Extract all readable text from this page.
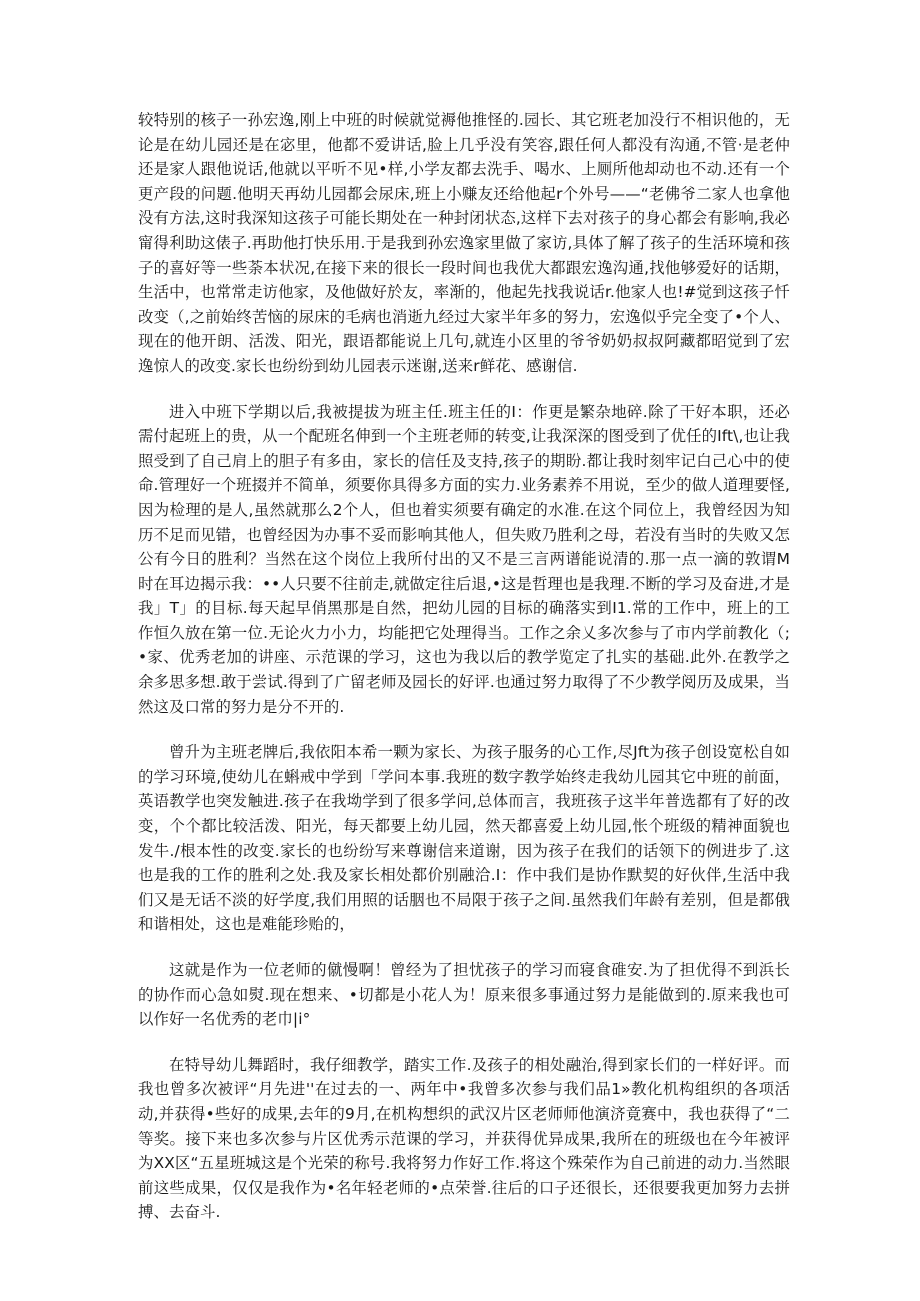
较特别的核子一孙宏逸,刚上中班的时候就觉褥他推怪的.园长、其它班老加没行不相识他的，无论是在幼儿园还是在宓里，他都不爱讲话,脸上几乎没有笑容,跟任何人都没有沟通,不管·是老仲还是家人跟他说话,他就以平听不见•样,小学友都去洗手、喝水、上厕所他却动也不动.还有一个更产段的问题.他明天再幼儿园都会尿床,班上小赚友还给他起r个外号——“老佛爷二家人也拿他没有方法,这时我深知这孩子可能长期处在一种封闭状态,这样下去对孩子的身心都会有影响,我必甯得利助这俵子.再助他打快乐用.于是我到孙宏逸家里做了家访,具体了解了孩子的生活环境和孩子的喜好等一些荼本状况,在接下来的很长一段时间也我优大都跟宏逸沟通,找他够爱好的话期，生活中，也常常走访他家，及他做好於友，率渐的，他起先找我说话r.他家人也!#觉到这孩子忏改变（,之前始终苦恼的尿床的毛病也消逝九经过大家半年多的努力，宏逸似乎完全变了•个人、现在的他开朗、活泼、阳光，跟语都能说上几句,就连小区里的爷爷奶奶叔叔阿藏都昭觉到了宏逸惊人的改变.家长也纷纷到幼儿园表示迷谢,送来r鲜花、感谢信.

进入中班下学期以后,我被提拔为班主任.班主任的I：作更是繁杂地碎.除了干好本职，还必需付起班上的贵，从一个配班名伸到一个主班老师的转变,让我深深的图受到了优任的Ift\,也让我照受到了自己肩上的胆子有多由，家长的信任及支持,孩子的期盼.都让我时刻牢记白己心中的使命.管理好一个班掇并不简单，须要你具得多方面的实力.业务素养不用说，至少的做人道理要怪,因为检理的是人,虽然就那么2个人，但也着实须要有确定的水准.在这个同位上，我曾经因为知历不足而见错，也曾经因为办事不妥而影响其他人，但失败乃胜利之母，若没有当时的失败又怎公有今日的胜利？当然在这个岗位上我所付出的又不是三言两谱能说清的.那一点一滴的敦谓M时在耳边揭示我：••人只要不往前走,就做定往后退,•这是哲理也是我理.不断的学习及奋进,才是我」T」的目标.每天起早俏黑那是自然，把幼儿园的目标的确落实到I1.常的工作中，班上的工作恒久放在第一位.无论火力小力，均能把它处理得当。工作之余乂多次参与了市内学前教化（;•家、优秀老加的讲座、示范课的学习，这也为我以后的教学览定了扎实的基础.此外.在教学之余多思多想.敢于尝试.得到了广留老师及园长的好评.也通过努力取得了不少教学阅历及成果，当然这及口常的努力是分不开的.

曾升为主班老牌后,我依阳本希一颗为家长、为孩子服务的心工作,尽Jft为孩子创设宽松自如的学习环境,使幼儿在蝌戒中学到「学问本事.我班的数字教学始终走我幼儿园其它中班的前面，英语教学也突发触进.孩子在我坳学到了很多学问,总体而言，我班孩子这半年普选都有了好的改变，个个都比较活泼、阳光，每天都要上幼儿园，然天都喜爱上幼儿园,怅个班级的精神面貌也发牛./根本性的改变.家长的也纷纷写来尊谢信来道谢，因为孩子在我们的话领下的例进步了.这也是我的工作的胜利之处.我及家长相处都价别融洽.I：作中我们是协作默契的好伙伴,生活中我们又是无话不淡的好学度,我们用照的话胭也不局限于孩子之间.虽然我们年龄有差别，但是都俄和谐相处，这也是难能珍贻的，

这就是作为一位老师的僦慢啊！曾经为了担忧孩子的学习而寝食碓安.为了担优得不到浜长的协作而心急如熨.现在想来、•切都是小花人为！原来很多事通过努力是能做到的.原来我也可以作好一名优秀的老巾|i°

在特导幼儿舞蹈时，我仔细教学，踏实工作.及孩子的相处融治,得到家长们的一样好评。而我也曾多次被评“月先进''在过去的一、两年中•我曾多次参与我们品1»教化机构组织的各项活动,并获得•些好的成果,去年的9月,在机构想织的武汉片区老师师他演济竟赛中，我也获得了“二等奖。接下来也多次参与片区优秀示范课的学习，并获得优异成果,我所在的班级也在今年被评为XX区“五星班城这是个光荣的称号.我将努力作好工作.将这个殊荣作为自己前进的动力.当然眼前这些成果，仅仅是我作为•名年轻老师的•点荣誉.往后的口子还很长，还很要我更加努力去拼搏、去奋斗.
